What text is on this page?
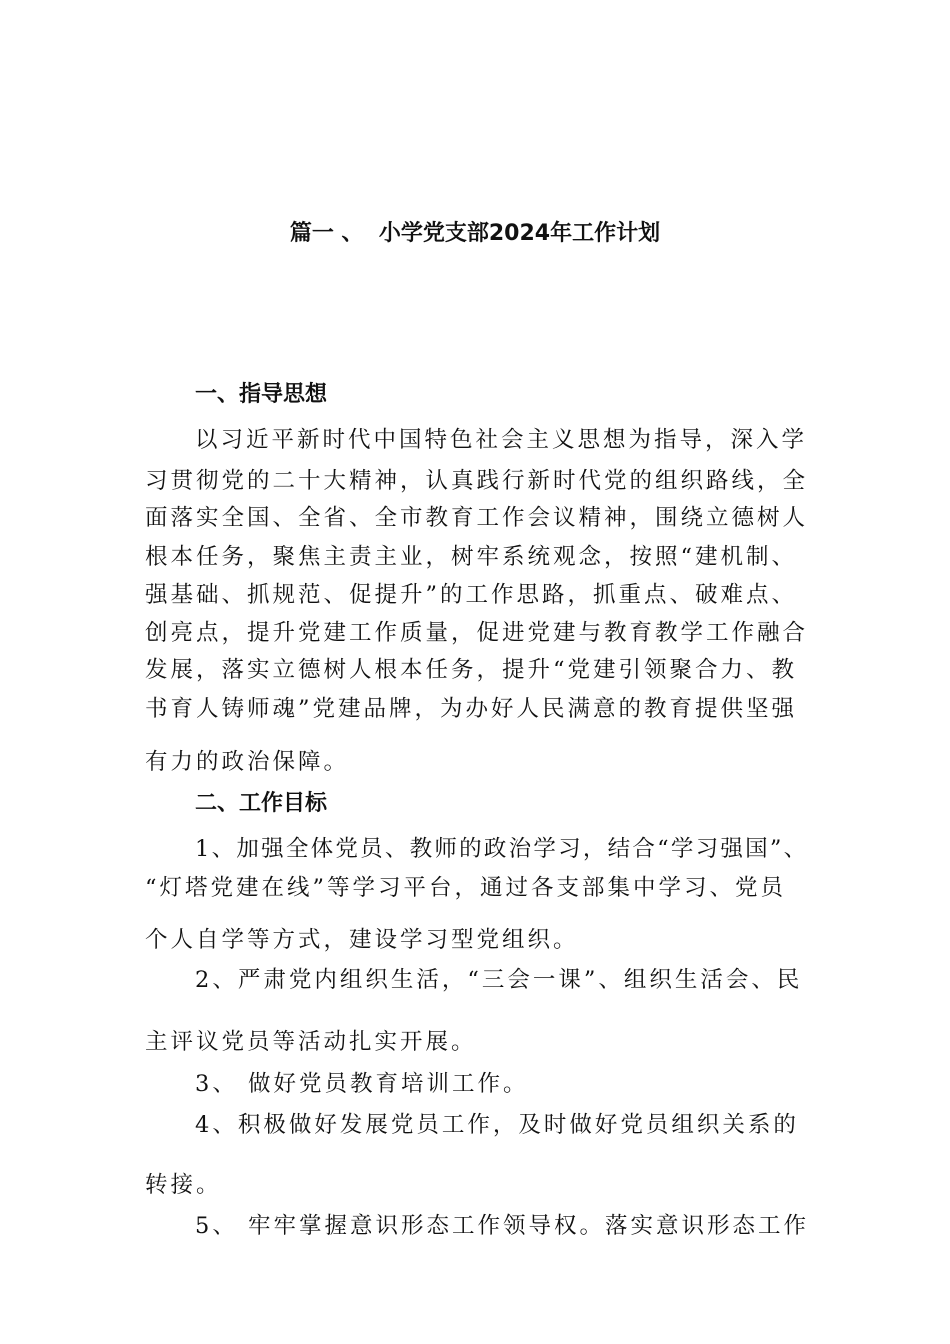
篇一 、  小学党支部2024年工作计划
一、指导思想
以习近平新时代中国特色社会主义思想为指导，深入学
习贯彻党的二十大精神，认真践行新时代党的组织路线，全
面落实全国、全省、全市教育工作会议精神，围绕立德树人
根本任务，聚焦主责主业，树牢系统观念，按照“建机制、
强基础、抓规范、促提升”的工作思路，抓重点、破难点、
创亮点，提升党建工作质量，促进党建与教育教学工作融合
发展，落实立德树人根本任务，提升“党建引领聚合力、教
书育人铸师魂”党建品牌，为办好人民满意的教育提供坚强
有力的政治保障。
二、工作目标
1、加强全体党员、教师的政治学习，结合“学习强国”、
“灯塔党建在线”等学习平台，通过各支部集中学习、党员
个人自学等方式，建设学习型党组织。
2、严肃党内组织生活，“三会一课”、组织生活会、民
主评议党员等活动扎实开展。
3、 做好党员教育培训工作。
4、积极做好发展党员工作，及时做好党员组织关系的
转接。
5、 牢牢掌握意识形态工作领导权。落实意识形态工作
